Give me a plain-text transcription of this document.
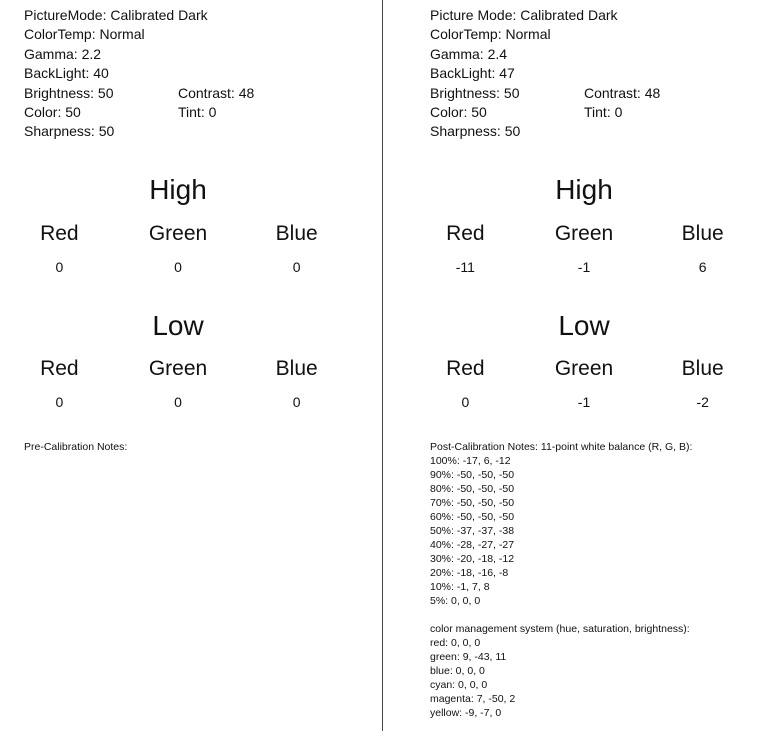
PictureMode: Calibrated Dark
ColorTemp: Normal
Gamma: 2.2
BackLight: 40
Brightness: 50	Contrast: 48
Color: 50	Tint: 0
Sharpness: 50
High
Red	Green	Blue
0	0	0
Low
Red	Green	Blue
0	0	0
Pre-Calibration Notes:
Picture Mode: Calibrated Dark
ColorTemp: Normal
Gamma: 2.4
BackLight: 47
Brightness: 50	Contrast: 48
Color: 50	Tint: 0
Sharpness: 50
High
Red	Green	Blue
-11	-1	6
Low
Red	Green	Blue
0	-1	-2
Post-Calibration Notes: 11-point white balance (R, G, B):
100%: -17, 6, -12
90%: -50, -50, -50
80%: -50, -50, -50
70%: -50, -50, -50
60%: -50, -50, -50
50%: -37, -37, -38
40%: -28, -27, -27
30%: -20, -18, -12
20%: -18, -16, -8
10%: -1, 7, 8
5%: 0, 0, 0
color management system (hue, saturation, brightness):
red: 0, 0, 0
green: 9, -43, 11
blue: 0, 0, 0
cyan: 0, 0, 0
magenta: 7, -50, 2
yellow: -9, -7, 0
